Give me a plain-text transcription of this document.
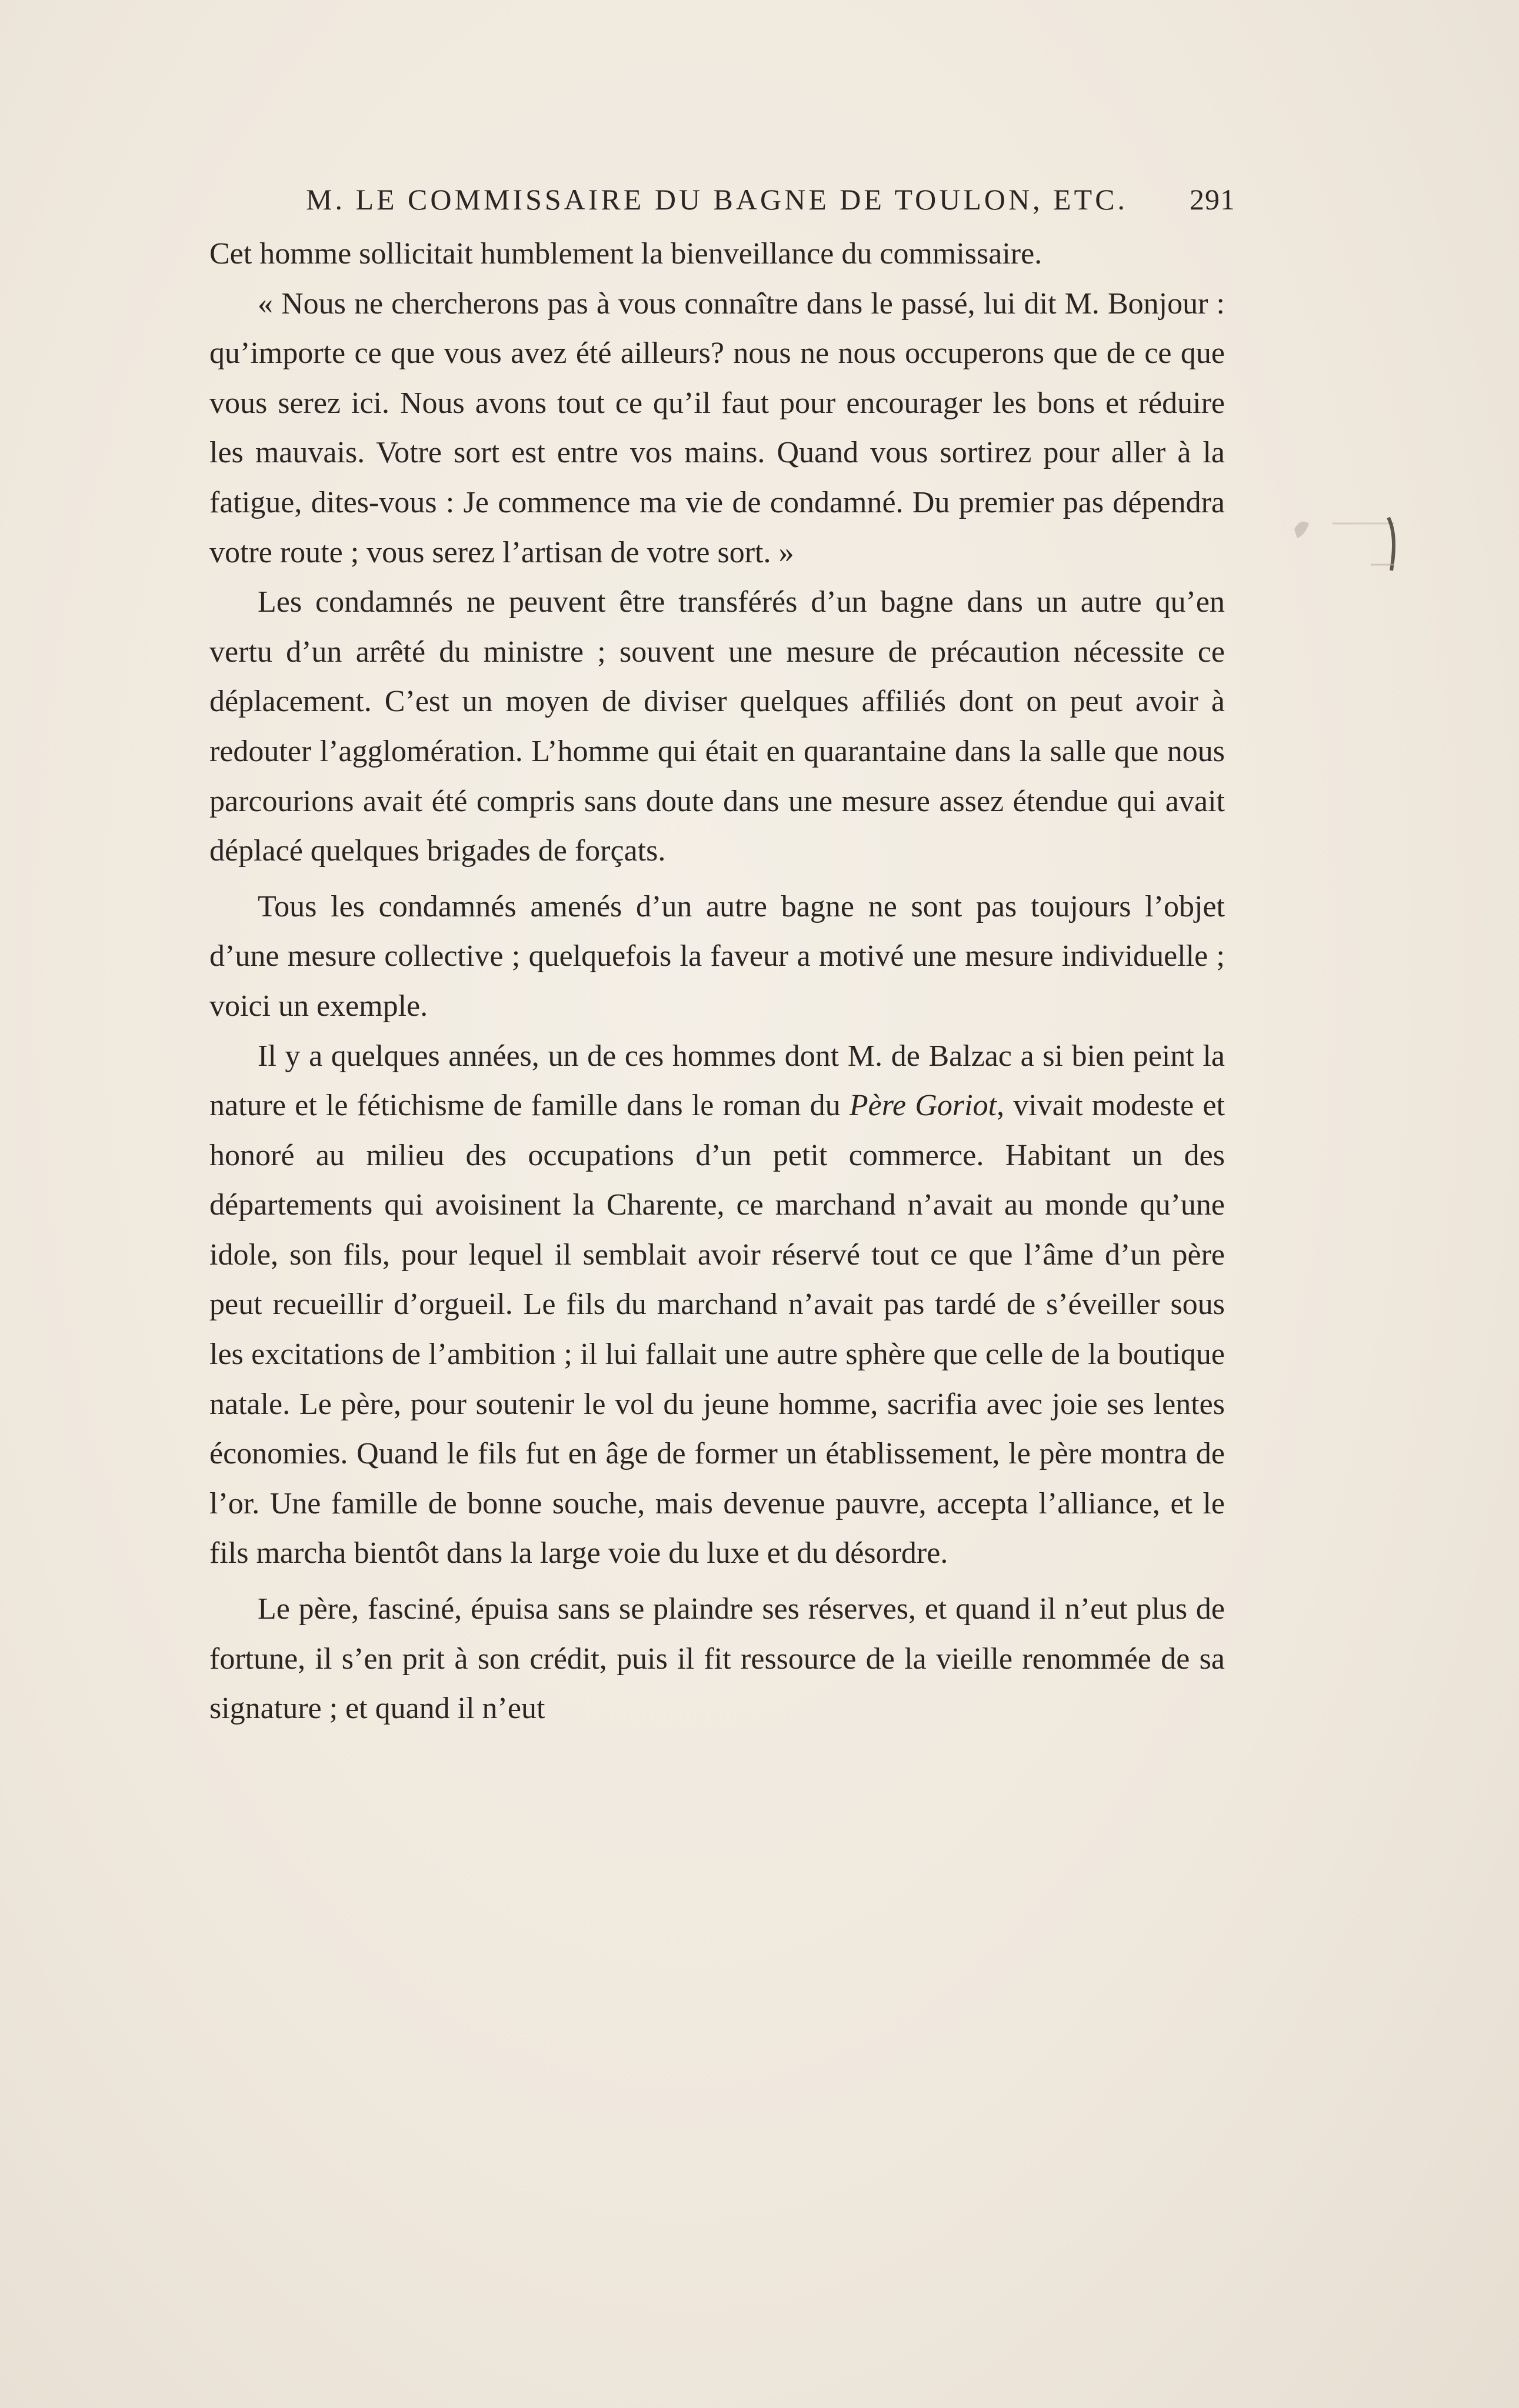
M. LE COMMISSAIRE DU BAGNE DE TOULON, ETC. 291

Cet homme sollicitait humblement la bienveillance du commissaire.

« Nous ne chercherons pas à vous connaître dans le passé, lui dit M. Bonjour : qu’importe ce que vous avez été ailleurs? nous ne nous occuperons que de ce que vous serez ici. Nous avons tout ce qu’il faut pour encourager les bons et réduire les mauvais. Votre sort est entre vos mains. Quand vous sortirez pour aller à la fatigue, dites-vous : Je commence ma vie de condamné. Du premier pas dépendra votre route ; vous serez l’artisan de votre sort. »

Les condamnés ne peuvent être transférés d’un bagne dans un autre qu’en vertu d’un arrêté du ministre ; souvent une mesure de précaution nécessite ce déplacement. C’est un moyen de diviser quelques affiliés dont on peut avoir à redouter l’agglomération. L’homme qui était en quarantaine dans la salle que nous parcourions avait été compris sans doute dans une mesure assez étendue qui avait déplacé quelques brigades de forçats.

Tous les condamnés amenés d’un autre bagne ne sont pas toujours l’objet d’une mesure collective ; quelquefois la faveur a motivé une mesure individuelle ; voici un exemple.

Il y a quelques années, un de ces hommes dont M. de Balzac a si bien peint la nature et le fétichisme de famille dans le roman du Père Goriot, vivait modeste et honoré au milieu des occupations d’un petit commerce. Habitant un des départements qui avoisinent la Charente, ce marchand n’avait au monde qu’une idole, son fils, pour lequel il semblait avoir réservé tout ce que l’âme d’un père peut recueillir d’orgueil. Le fils du marchand n’avait pas tardé de s’éveiller sous les excitations de l’ambition ; il lui fallait une autre sphère que celle de la boutique natale. Le père, pour soutenir le vol du jeune homme, sacrifia avec joie ses lentes économies. Quand le fils fut en âge de former un établissement, le père montra de l’or. Une famille de bonne souche, mais devenue pauvre, accepta l’alliance, et le fils marcha bientôt dans la large voie du luxe et du désordre.

Le père, fasciné, épuisa sans se plaindre ses réserves, et quand il n’eut plus de fortune, il s’en prit à son crédit, puis il fit ressource de la vieille renommée de sa signature ; et quand il n’eut
